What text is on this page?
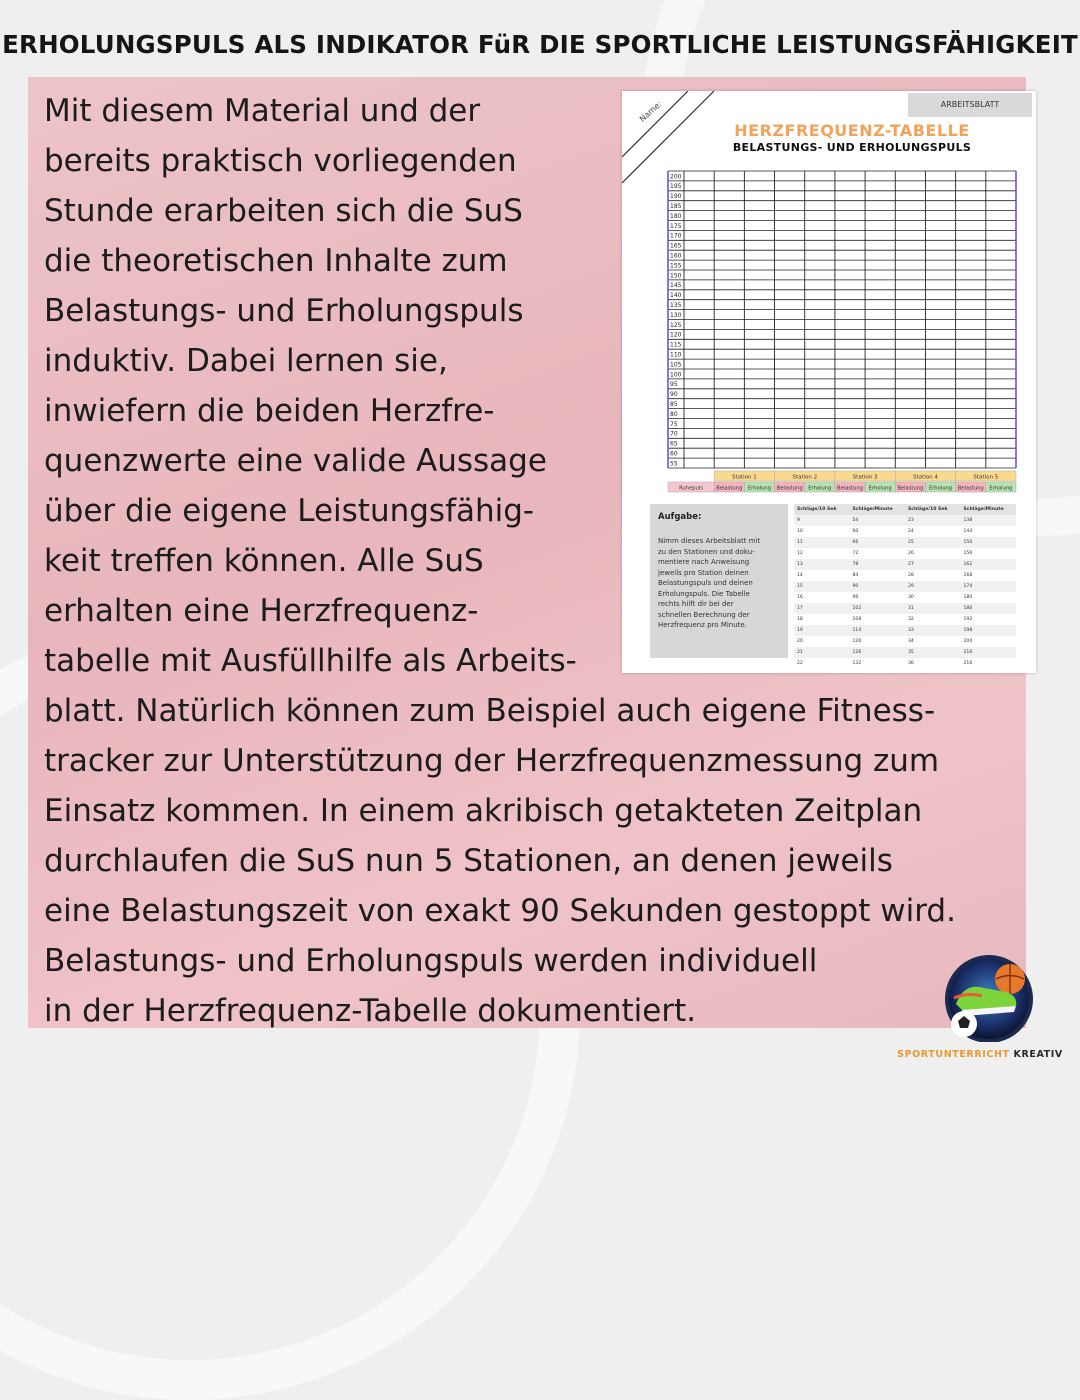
ERHOLUNGSPULS ALS INDIKATOR FüR DIE SPORTLICHE LEISTUNGSFÄHIGKEIT
Mit diesem Material und der
bereits praktisch vorliegenden
Stunde erarbeiten sich die SuS
die theoretischen Inhalte zum
Belastungs- und Erholungspuls
induktiv. Dabei lernen sie,
inwiefern die beiden Herzfre-
quenzwerte eine valide Aussage
über die eigene Leistungsfähig-
keit treffen können. Alle SuS
erhalten eine Herzfrequenz-
tabelle mit Ausfüllhilfe als Arbeits-
blatt. Natürlich können zum Beispiel auch eigene Fitness-
tracker zur Unterstützung der Herzfrequenzmessung zum
Einsatz kommen. In einem akribisch getakteten Zeitplan
durchlaufen die SuS nun 5 Stationen, an denen jeweils
eine Belastungszeit von exakt 90 Sekunden gestoppt wird.
Belastungs- und Erholungspuls werden individuell
in der Herzfrequenz-Tabelle dokumentiert.
200
195
190
185
180
175
170
165
160
155
150
145
140
135
130
125
120
115
110
105
100
95
90
85
80
75
70
65
60
55
Station 1	Station 2	Station 3	Station 4	Station 5
Ruhepuls	Belastung Erholung Belastung Erholung Belastung Erholung Belastung Erholung Belastung Erholung
ARBEITSBLATT
Name:
HERZFREQUENZ-TABELLE
BELASTUNGS- UND ERHOLUNGSPULS
Aufgabe:
Nimm dieses Arbeitsblatt mit
zu den Stationen und doku-
mentiere nach Anweisung
jeweils pro Station deinen
Belastungspuls und deinen
Erholungspuls. Die Tabelle
rechts hilft dir bei der
schnellen Berechnung der
Herzfrequenz pro Minute.
Schläge/10 Sek	Schläge/Minute	Schläge/10 Sek	Schläge/Minute
9	54	23	138
10	60	24	144
11	66	25	150
12	72	26	156
13	78	27	162
14	84	28	168
15	90	29	174
16	96	30	180
17	102	31	186
18	108	32	192
19	114	33	198
20	120	34	204
21	126	35	210
22	132	36	216
SPORTUNTERRICHT KREATIV
